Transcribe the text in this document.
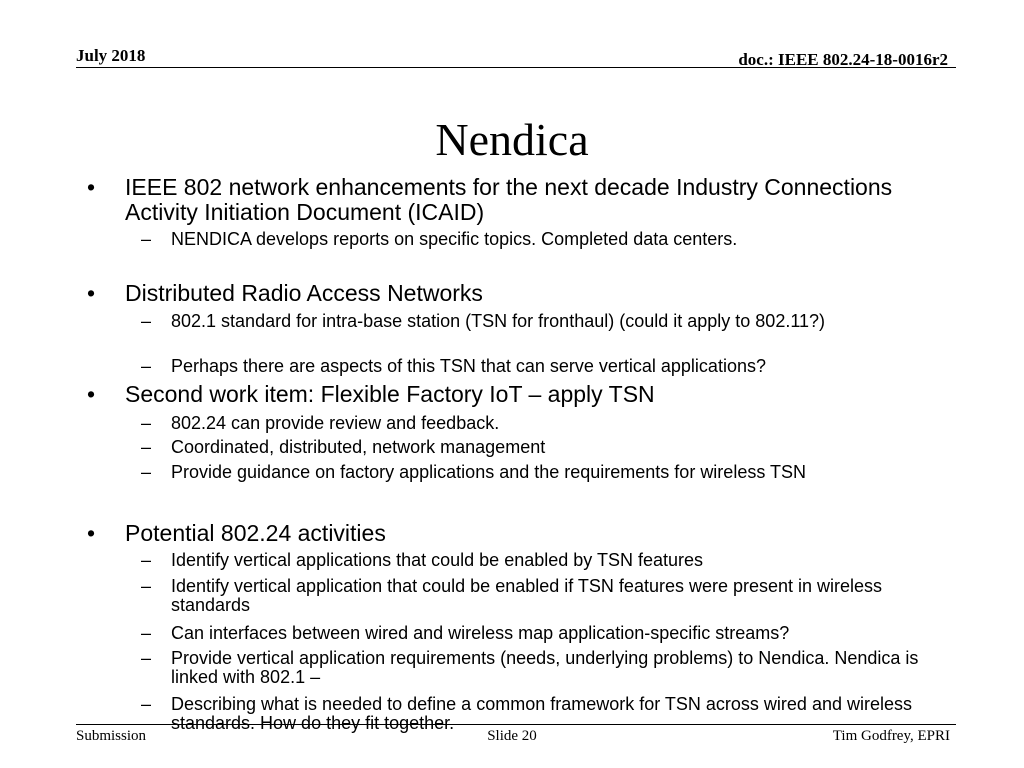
July 2018	doc.: IEEE 802.24-18-0016r2
Nendica
• IEEE 802 network enhancements for the next decade Industry Connections Activity Initiation Document (ICAID)
– NENDICA develops reports on specific topics. Completed data centers.
• Distributed Radio Access Networks
– 802.1 standard for intra-base station (TSN for fronthaul) (could it apply to 802.11?)
– Perhaps there are aspects of this TSN that can serve vertical applications?
• Second work item: Flexible Factory IoT – apply TSN
– 802.24 can provide review and feedback.
– Coordinated, distributed, network management
– Provide guidance on factory applications and the requirements for wireless TSN
• Potential 802.24 activities
– Identify vertical applications that could be enabled by TSN features
– Identify vertical application that could be enabled if TSN features were present in wireless standards
– Can interfaces between wired and wireless map application-specific streams?
– Provide vertical application requirements (needs, underlying problems) to Nendica. Nendica is linked with 802.1 –
– Describing what is needed to define a common framework for TSN across wired and wireless standards. How do they fit together.
Submission	Slide 20	Tim Godfrey, EPRI
